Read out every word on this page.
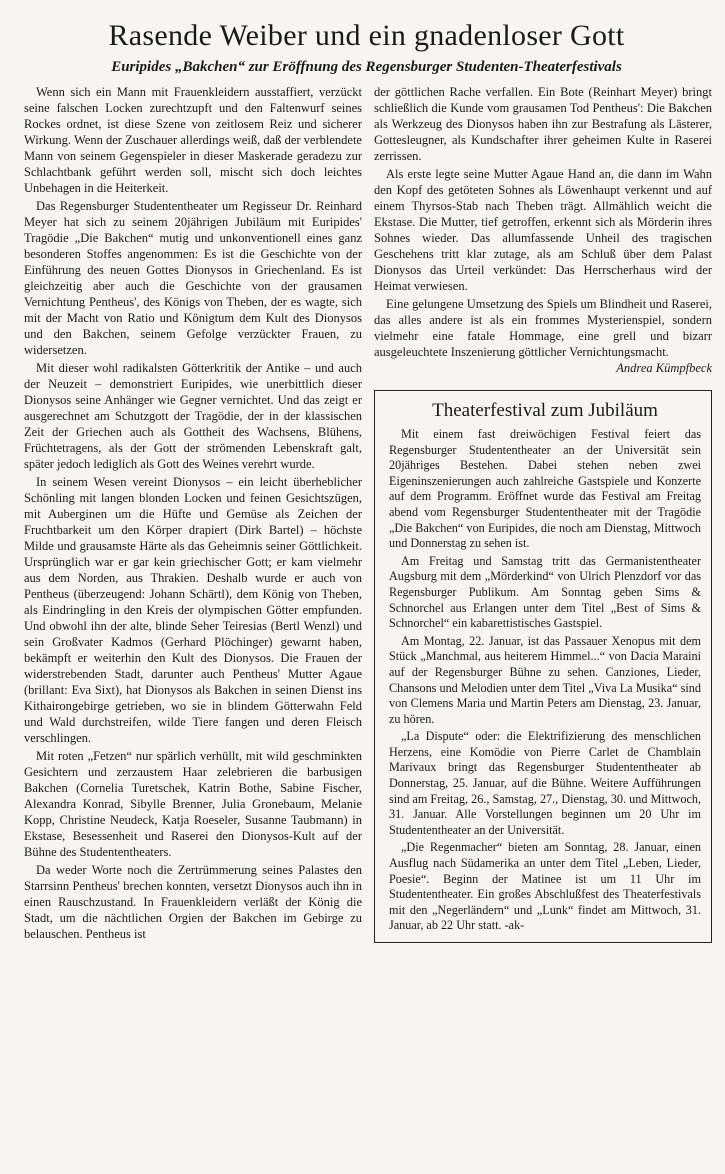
Rasende Weiber und ein gnadenloser Gott
Euripides „Bakchen“ zur Eröffnung des Regensburger Studenten-Theaterfestivals

Wenn sich ein Mann mit Frauenkleidern ausstaffiert, verzückt seine falschen Locken zurechtzupft und den Faltenwurf seines Rockes ordnet, ist diese Szene von zeitlosem Reiz und sicherer Wirkung. Wenn der Zuschauer allerdings weiß, daß der verblendete Mann von seinem Gegenspieler in dieser Maskerade geradezu zur Schlachtbank geführt werden soll, mischt sich doch leichtes Unbehagen in die Heiterkeit.

Das Regensburger Studententheater um Regisseur Dr. Reinhard Meyer hat sich zu seinem 20jährigen Jubiläum mit Euripides' Tragödie „Die Bakchen“ mutig und unkonventionell eines ganz besonderen Stoffes angenommen: Es ist die Geschichte von der Einführung des neuen Gottes Dionysos in Griechenland. Es ist gleichzeitig aber auch die Geschichte von der grausamen Vernichtung Pentheus', des Königs von Theben, der es wagte, sich mit der Macht von Ratio und Königtum dem Kult des Dionysos und den Bakchen, seinem Gefolge verzückter Frauen, zu widersetzen.

Mit dieser wohl radikalsten Götterkritik der Antike – und auch der Neuzeit – demonstriert Euripides, wie unerbittlich dieser Dionysos seine Anhänger wie Gegner vernichtet. Und das zeigt er ausgerechnet am Schutzgott der Tragödie, der in der klassischen Zeit der Griechen auch als Gottheit des Wachsens, Blühens, Früchtetragens, als der Gott der strömenden Lebenskraft galt, später jedoch lediglich als Gott des Weines verehrt wurde.

In seinem Wesen vereint Dionysos – ein leicht überheblicher Schönling mit langen blonden Locken und feinen Gesichtszügen, mit Auberginen um die Hüfte und Gemüse als Zeichen der Fruchtbarkeit um den Körper drapiert (Dirk Bartel) – höchste Milde und grausamste Härte als das Geheimnis seiner Göttlichkeit. Ursprünglich war er gar kein griechischer Gott; er kam vielmehr aus dem Norden, aus Thrakien. Deshalb wurde er auch von Pentheus (überzeugend: Johann Schärtl), dem König von Theben, als Eindringling in den Kreis der olympischen Götter empfunden. Und obwohl ihn der alte, blinde Seher Teiresias (Bertl Wenzl) und sein Großvater Kadmos (Gerhard Plöchinger) gewarnt haben, bekämpft er weiterhin den Kult des Dionysos. Die Frauen der widerstrebenden Stadt, darunter auch Pentheus' Mutter Agaue (brillant: Eva Sixt), hat Dionysos als Bakchen in seinen Dienst ins Kithairongebirge getrieben, wo sie in blindem Götterwahn Feld und Wald durchstreifen, wilde Tiere fangen und deren Fleisch verschlingen.

Mit roten „Fetzen“ nur spärlich verhüllt, mit wild geschminkten Gesichtern und zerzaustem Haar zelebrieren die barbusigen Bakchen (Cornelia Turetschek, Katrin Bothe, Sabine Fischer, Alexandra Konrad, Sibylle Brenner, Julia Gronebaum, Melanie Kopp, Christine Neudeck, Katja Roeseler, Susanne Taubmann) in Ekstase, Besessenheit und Raserei den Dionysos-Kult auf der Bühne des Studententheaters.

Da weder Worte noch die Zertrümmerung seines Palastes den Starrsinn Pentheus' brechen konnten, versetzt Dionysos auch ihn in einen Rauschzustand. In Frauenkleidern verläßt der König die Stadt, um die nächtlichen Orgien der Bakchen im Gebirge zu belauschen. Pentheus ist

der göttlichen Rache verfallen. Ein Bote (Reinhart Meyer) bringt schließlich die Kunde vom grausamen Tod Pentheus': Die Bakchen als Werkzeug des Dionysos haben ihn zur Bestrafung als Lästerer, Gottesleugner, als Kundschafter ihrer geheimen Kulte in Raserei zerrissen.

Als erste legte seine Mutter Agaue Hand an, die dann im Wahn den Kopf des getöteten Sohnes als Löwenhaupt verkennt und auf einem Thyrsos-Stab nach Theben trägt. Allmählich weicht die Ekstase. Die Mutter, tief getroffen, erkennt sich als Mörderin ihres Sohnes wieder. Das allumfassende Unheil des tragischen Geschehens tritt klar zutage, als am Schluß über dem Palast Dionysos das Urteil verkündet: Das Herrscherhaus wird der Heimat verwiesen.

Eine gelungene Umsetzung des Spiels um Blindheit und Raserei, das alles andere ist als ein frommes Mysterienspiel, sondern vielmehr eine fatale Hommage, eine grell und bizarr ausgeleuchtete Inszenierung göttlicher Vernichtungsmacht.

Andrea Kümpfbeck
Theaterfestival zum Jubiläum

Mit einem fast dreiwöchigen Festival feiert das Regensburger Studententheater an der Universität sein 20jähriges Bestehen. Dabei stehen neben zwei Eigeninszenierungen auch zahlreiche Gastspiele und Konzerte auf dem Programm. Eröffnet wurde das Festival am Freitag abend vom Regensburger Studententheater mit der Tragödie „Die Bakchen“ von Euripides, die noch am Dienstag, Mittwoch und Donnerstag zu sehen ist.

Am Freitag und Samstag tritt das Germanistentheater Augsburg mit dem „Mörderkind“ von Ulrich Plenzdorf vor das Regensburger Publikum. Am Sonntag geben Sims & Schnorchel aus Erlangen unter dem Titel „Best of Sims & Schnorchel“ ein kabarettistisches Gastspiel.

Am Montag, 22. Januar, ist das Passauer Xenopus mit dem Stück „Manchmal, aus heiterem Himmel...“ von Dacia Maraini auf der Regensburger Bühne zu sehen. Canziones, Lieder, Chansons und Melodien unter dem Titel „Viva La Musika“ sind von Clemens Maria und Martin Peters am Dienstag, 23. Januar, zu hören.

„La Dispute“ oder: die Elektrifizierung des menschlichen Herzens, eine Komödie von Pierre Carlet de Chamblain Marivaux bringt das Regensburger Studententheater ab Donnerstag, 25. Januar, auf die Bühne. Weitere Aufführungen sind am Freitag, 26., Samstag, 27., Dienstag, 30. und Mittwoch, 31. Januar. Alle Vorstellungen beginnen um 20 Uhr im Studententheater an der Universität.

„Die Regenmacher“ bieten am Sonntag, 28. Januar, einen Ausflug nach Südamerika an unter dem Titel „Leben, Lieder, Poesie“. Beginn der Matinee ist um 11 Uhr im Studententheater. Ein großes Abschlußfest des Theaterfestivals mit den „Negerländern“ und „Lunk“ findet am Mittwoch, 31. Januar, ab 22 Uhr statt. -ak-
